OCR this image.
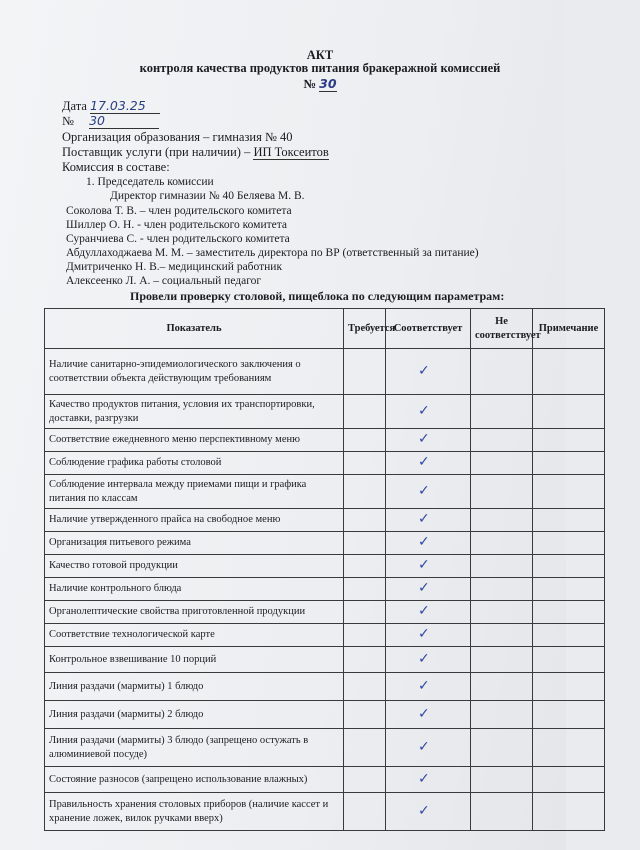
АКТ
контроля качества продуктов питания бракеражной комиссией
№ 30
Дата 17.03.25
№ 30
Организация образования – гимназия № 40
Поставщик услуги (при наличии) – ИП Токсеитов
Комиссия в составе:
1. Председатель комиссии
Директор гимназии № 40 Беляева М. В.
Соколова Т. В. – член родительского комитета
Шиллер О. Н. - член родительского комитета
Суранчиева С. - член родительского комитета
Абдуллаходжаева М. М. – заместитель директора по ВР (ответственный за питание)
Дмитриченко Н. В.– медицинский работник
Алексеенко Л. А. – социальный педагог
Провели проверку столовой, пищеблока по следующим параметрам:
Показатель	Требуется	Соответствует	Не соответствует	Примечание
Наличие санитарно-эпидемиологического заключения о соответствии объекта действующим требованиям		✓		
Качество продуктов питания, условия их транспортировки, доставки, разгрузки		✓		
Соответствие ежедневного меню перспективному меню		✓		
Соблюдение графика работы столовой		✓		
Соблюдение интервала между приемами пищи и графика питания по классам		✓		
Наличие утвержденного прайса на свободное меню		✓		
Организация питьевого режима		✓		
Качество готовой продукции		✓		
Наличие контрольного блюда		✓		
Органолептические свойства приготовленной продукции		✓		
Соответствие технологической карте		✓		
Контрольное взвешивание 10 порций		✓		
Линия раздачи (мармиты) 1 блюдо		✓		
Линия раздачи (мармиты) 2 блюдо		✓		
Линия раздачи (мармиты) 3 блюдо (запрещено остужать в алюминиевой посуде)		✓		
Состояние разносов (запрещено использование влажных)		✓		
Правильность хранения столовых приборов (наличие кассет и хранение ложек, вилок ручками вверх)		✓		
